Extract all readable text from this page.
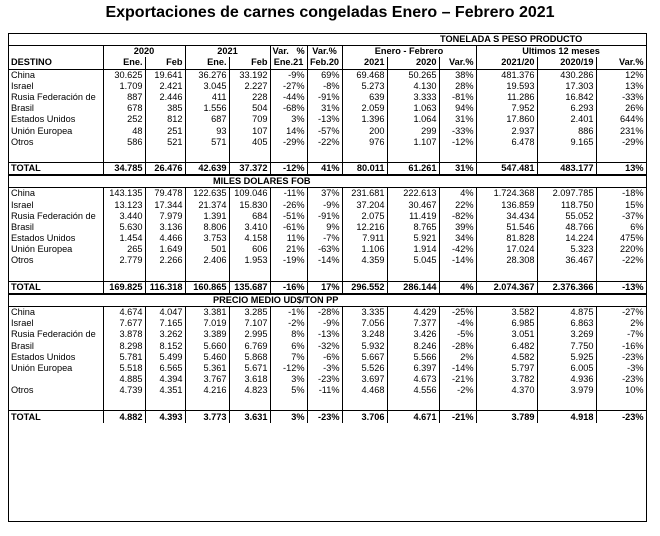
Exportaciones de carnes congeladas Enero – Febrero 2021
							TONELADA S PESO PRODUCTO					
	2020		2021		Var. %	Var.%	Enero - Febrero			Ultimos 12 meses		
DESTINO	Ene.	Feb	Ene.	Feb	Ene.21	Feb.20	2021	2020	Var.%	2021/20	2020/19	Var.%
China	30.625	19.641	36.276	33.192	-9%	69%	69.468	50.265	38%	481.376	430.286	12%
Israel	1.709	2.421	3.045	2.227	-27%	-8%	5.273	4.130	28%	19.593	17.303	13%
Rusia Federación de	887	2.446	411	228	-44%	-91%	639	3.333	-81%	11.286	16.842	-33%
Brasil	678	385	1.556	504	-68%	31%	2.059	1.063	94%	7.952	6.293	26%
Estados Unidos	252	812	687	709	3%	-13%	1.396	1.064	31%	17.860	2.401	644%
Unión Europea	48	251	93	107	14%	-57%	200	299	-33%	2.937	886	231%
Otros	586	521	571	405	-29%	-22%	976	1.107	-12%	6.478	9.165	-29%

TOTAL	34.785	26.476	42.639	37.372	-12%	41%	80.011	61.261	31%	547.481	483.177	13%
			MILES DOLARES FOB									
China	143.135	79.478	122.635	109.046	-11%	37%	231.681	222.613	4%	1.724.368	2.097.785	-18%
Israel	13.123	17.344	21.374	15.830	-26%	-9%	37.204	30.467	22%	136.859	118.750	15%
Rusia Federación de	3.440	7.979	1.391	684	-51%	-91%	2.075	11.419	-82%	34.434	55.052	-37%
Brasil	5.630	3.136	8.806	3.410	-61%	9%	12.216	8.765	39%	51.546	48.766	6%
Estados Unidos	1.454	4.466	3.753	4.158	11%	-7%	7.911	5.921	34%	81.828	14.224	475%
Unión Europea	265	1.649	501	606	21%	-63%	1.106	1.914	-42%	17.024	5.323	220%
Otros	2.779	2.266	2.406	1.953	-19%	-14%	4.359	5.045	-14%	28.308	36.467	-22%

TOTAL	169.825	116.318	160.865	135.687	-16%	17%	296.552	286.144	4%	2.074.367	2.376.366	-13%
			PRECIO MEDIO UD$/TON PP									
China	4.674	4.047	3.381	3.285	-1%	-28%	3.335	4.429	-25%	3.582	4.875	-27%
Israel	7.677	7.165	7.019	7.107	-2%	-9%	7.056	7.377	-4%	6.985	6.863	2%
Rusia Federación de	3.878	3.262	3.389	2.995	8%	-13%	3.248	3.426	-5%	3.051	3.269	-7%
Brasil	8.298	8.152	5.660	6.769	6%	-32%	5.932	8.246	-28%	6.482	7.750	-16%
Estados Unidos	5.781	5.499	5.460	5.868	7%	-6%	5.667	5.566	2%	4.582	5.925	-23%
Unión Europea	5.518	6.565	5.361	5.671	-12%	-3%	5.526	6.397	-14%	5.797	6.005	-3%
	4.885	4.394	3.767	3.618	3%	-23%	3.697	4.673	-21%	3.782	4.936	-23%
Otros	4.739	4.351	4.216	4.823	5%	-11%	4.468	4.556	-2%	4.370	3.979	10%

TOTAL	4.882	4.393	3.773	3.631	3%	-23%	3.706	4.671	-21%	3.789	4.918	-23%
